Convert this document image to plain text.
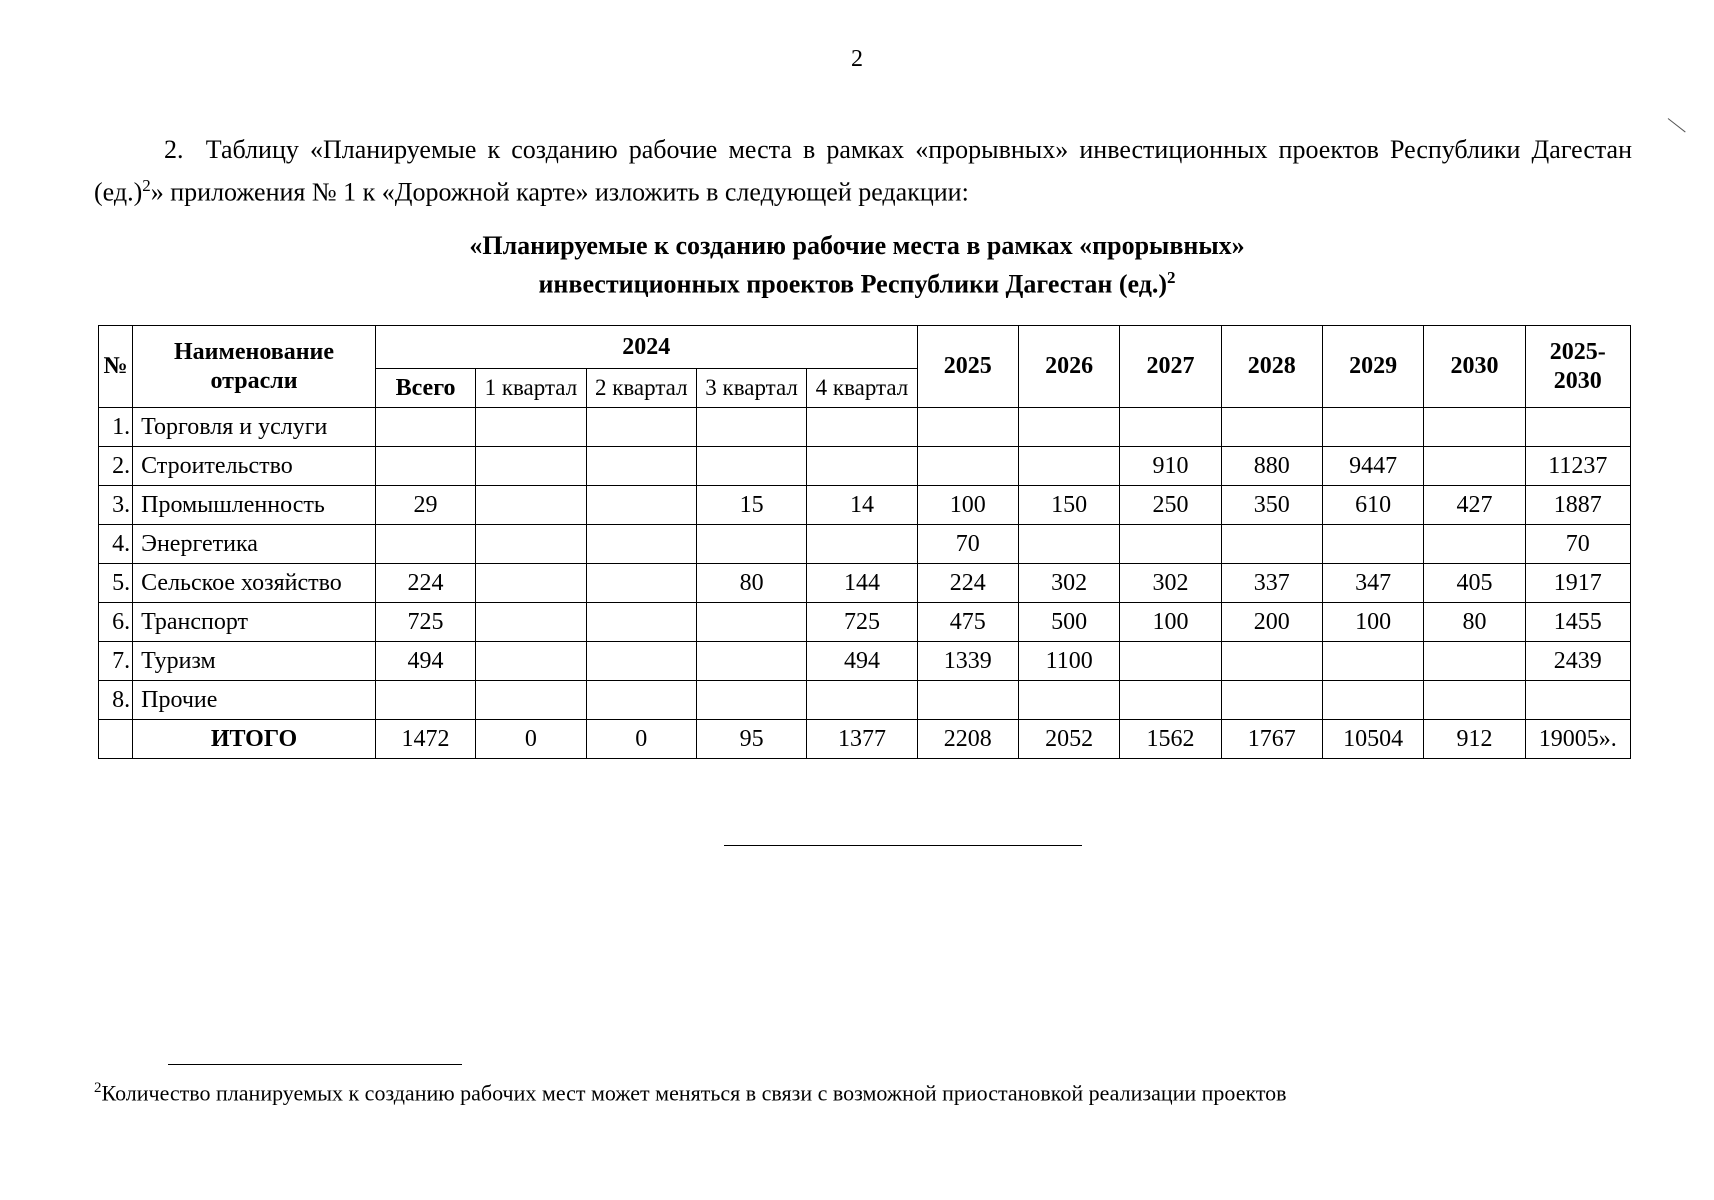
2

2. Таблицу «Планируемые к созданию рабочие места в рамках «прорывных» инвестиционных проектов Республики Дагестан $(ед.)^2$» приложения № 1 к «Дорожной карте» изложить в следующей редакции:

«Планируемые к созданию рабочие места в рамках «прорывных»
инвестиционных проектов Республики Дагестан $(ед.)^2$
№	Наименование отрасли	2024					2025	2026	2027	2028	2029	2030	2025-2030
		Всего	1 квартал	2 квартал	3 квартал	4 квартал							
1.	Торговля и услуги												
2.	Строительство								910	880	9447		11237
3.	Промышленность	29			15	14	100	150	250	350	610	427	1887
4.	Энергетика						70						70
5.	Сельское хозяйство	224			80	144	224	302	302	337	347	405	1917
6.	Транспорт	725				725	475	500	100	200	100	80	1455
7.	Туризм	494				494	1339	1100					2439
8.	Прочие												
	ИТОГО	1472	0	0	95	1377	2208	2052	1562	1767	10504	912	19005».
$^2$Количество планируемых к созданию рабочих мест может меняться в связи с возможной приостановкой реализации проектов
